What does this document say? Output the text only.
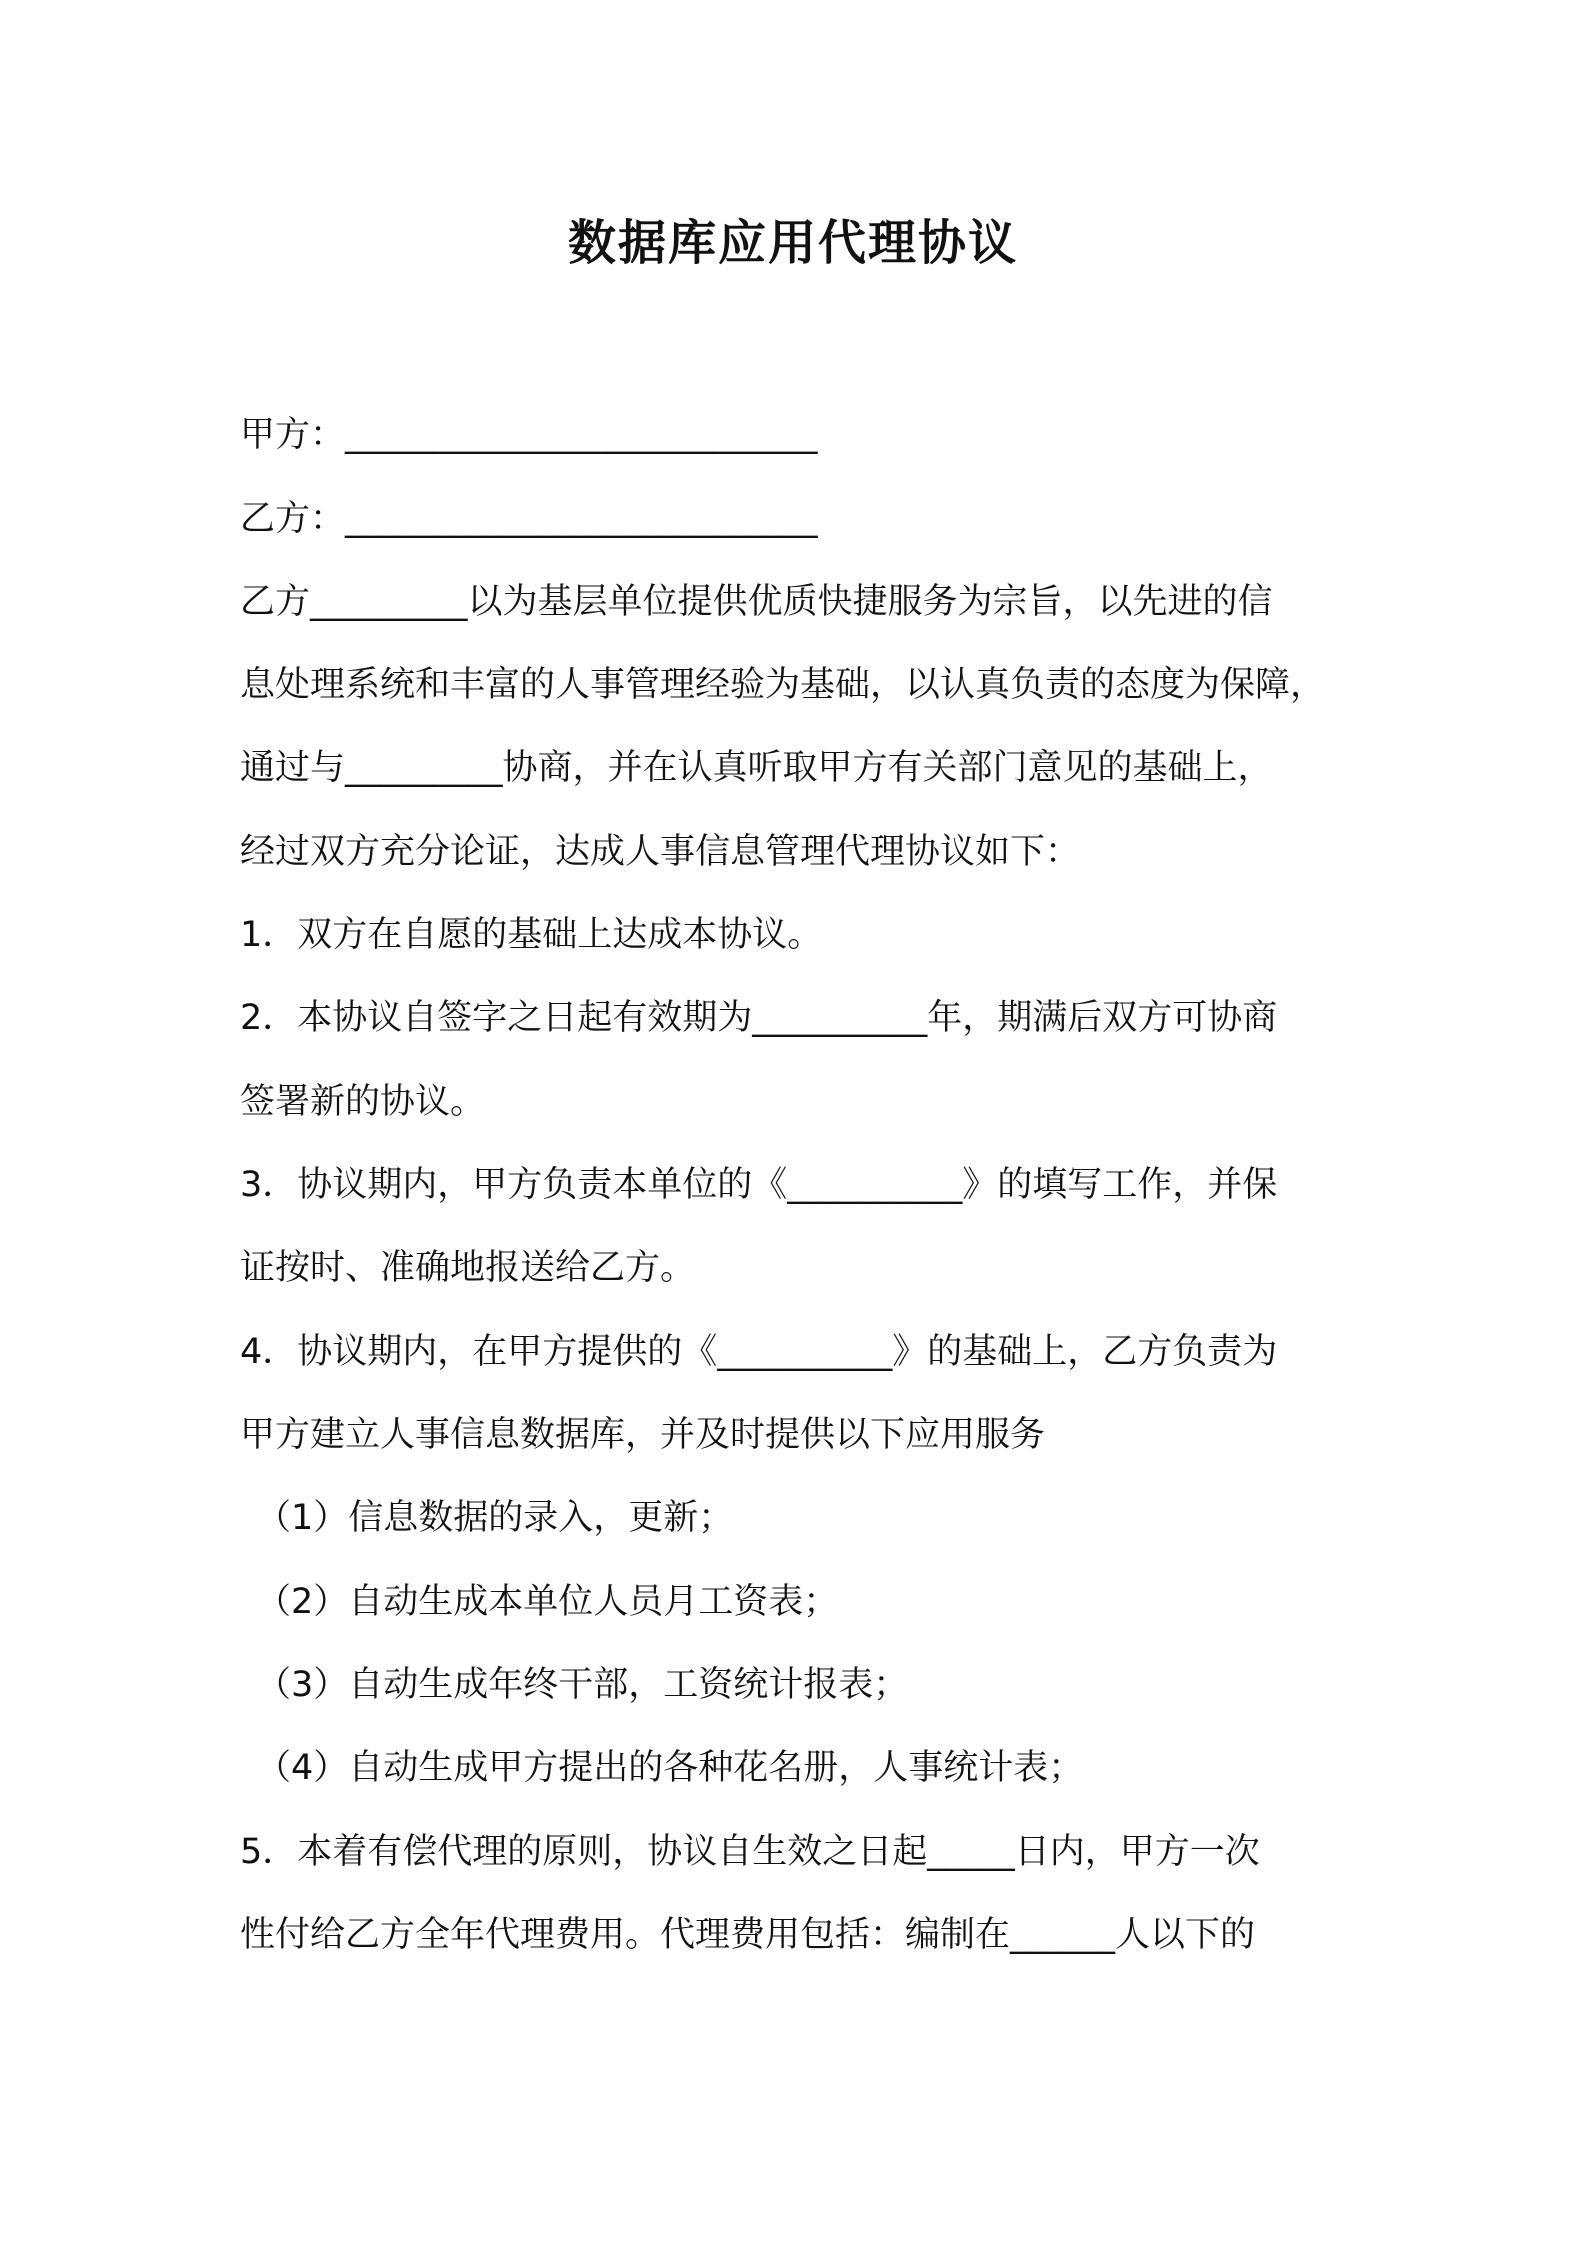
数据库应用代理协议
甲方：___________________________
乙方：___________________________
乙方_________以为基层单位提供优质快捷服务为宗旨，以先进的信
息处理系统和丰富的人事管理经验为基础，以认真负责的态度为保障，
通过与_________协商，并在认真听取甲方有关部门意见的基础上，
经过双方充分论证，达成人事信息管理代理协议如下：
1．双方在自愿的基础上达成本协议。
2．本协议自签字之日起有效期为__________年，期满后双方可协商
签署新的协议。
3．协议期内，甲方负责本单位的《__________》的填写工作，并保
证按时、准确地报送给乙方。
4．协议期内，在甲方提供的《__________》的基础上，乙方负责为
甲方建立人事信息数据库，并及时提供以下应用服务
（1）信息数据的录入，更新；
（2）自动生成本单位人员月工资表；
（3）自动生成年终干部，工资统计报表；
（4）自动生成甲方提出的各种花名册，人事统计表；
5．本着有偿代理的原则，协议自生效之日起_____日内，甲方一次
性付给乙方全年代理费用。代理费用包括：编制在______人以下的
